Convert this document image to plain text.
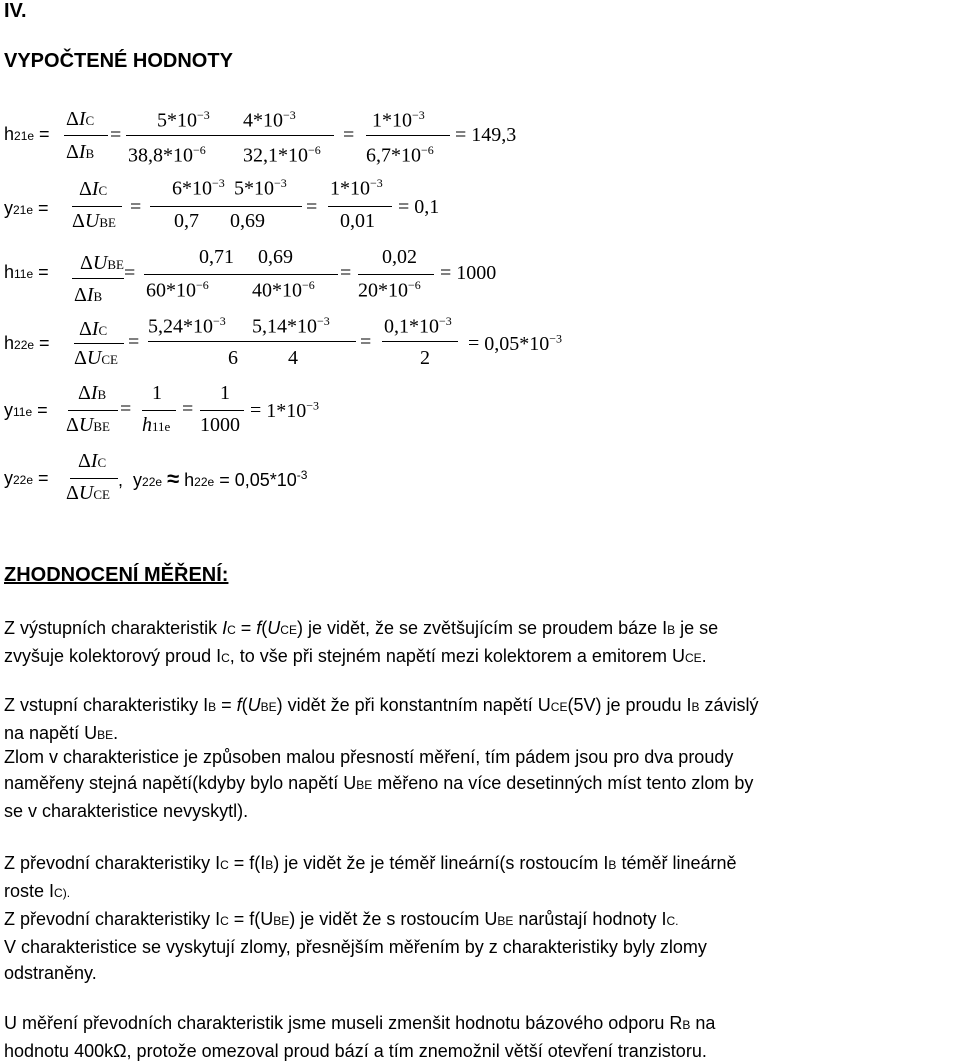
IV.
VYPOČTENÉ HODNOTY
h21e =
ΔIC
ΔIB
=
$5*10^{-3}$ $4*10^{-3}$
$38,8*10^{-6}$ $32,1*10^{-6}$
=
$1*10^{-3}$
$6,7*10^{-6}$
= 149,3
y21e =
ΔIC
ΔUBE
=
$6*10^{-3}$ $5*10^{-3}$
0,7 0,69
=
$1*10^{-3}$
0,01
= 0,1
h11e = ΔUBE
ΔIB
=
0,71 0,69
$60*10^{-6}$ $40*10^{-6}$
=
0,02
$20*10^{-6}$
= 1000
h22e =
ΔIC
ΔUCE
=
$5,24*10^{-3}$ $5,14*10^{-3}$
6	4
=
$0,1*10^{-3}$
2
= $0,05*10^{-3}$
y11e =
ΔIB
ΔUBE
=
1
h11e
=
1
1000
= $1*10^{-3}$
y22e =
ΔIC
ΔUCE
,  $y22e \approx h22e = 0,05*10^{-3}$
ZHODNOCENÍ MĚŘENÍ:
Z výstupních charakteristik IC = f(UCE) je vidět, že se zvětšujícím se proudem báze IB je se
zvyšuje kolektorový proud IC, to vše při stejném napětí mezi kolektorem a emitorem UCE.
Z vstupní charakteristiky IB = f(UBE) vidět že při konstantním napětí UCE(5V) je proudu IB závislý
na napětí UBE.
Zlom v charakteristice je způsoben malou přesností měření, tím pádem jsou pro dva proudy
naměřeny stejná napětí(kdyby bylo napětí UBE měřeno na více desetinných míst tento zlom by
se v charakteristice nevyskytl).
Z převodní charakteristiky IC = f(IB) je vidět že je téměř lineární(s rostoucím IB téměř lineárně
roste IC).
Z převodní charakteristiky IC = f(UBE) je vidět že s rostoucím UBE narůstají hodnoty IC.
V charakteristice se vyskytují zlomy, přesnějším měřením by z charakteristiky byly zlomy
odstraněny.
U měření převodních charakteristik jsme museli zmenšit hodnotu bázového odporu RB na
hodnotu 400kΩ, protože omezoval proud bází a tím znemožnil větší otevření tranzistoru.
